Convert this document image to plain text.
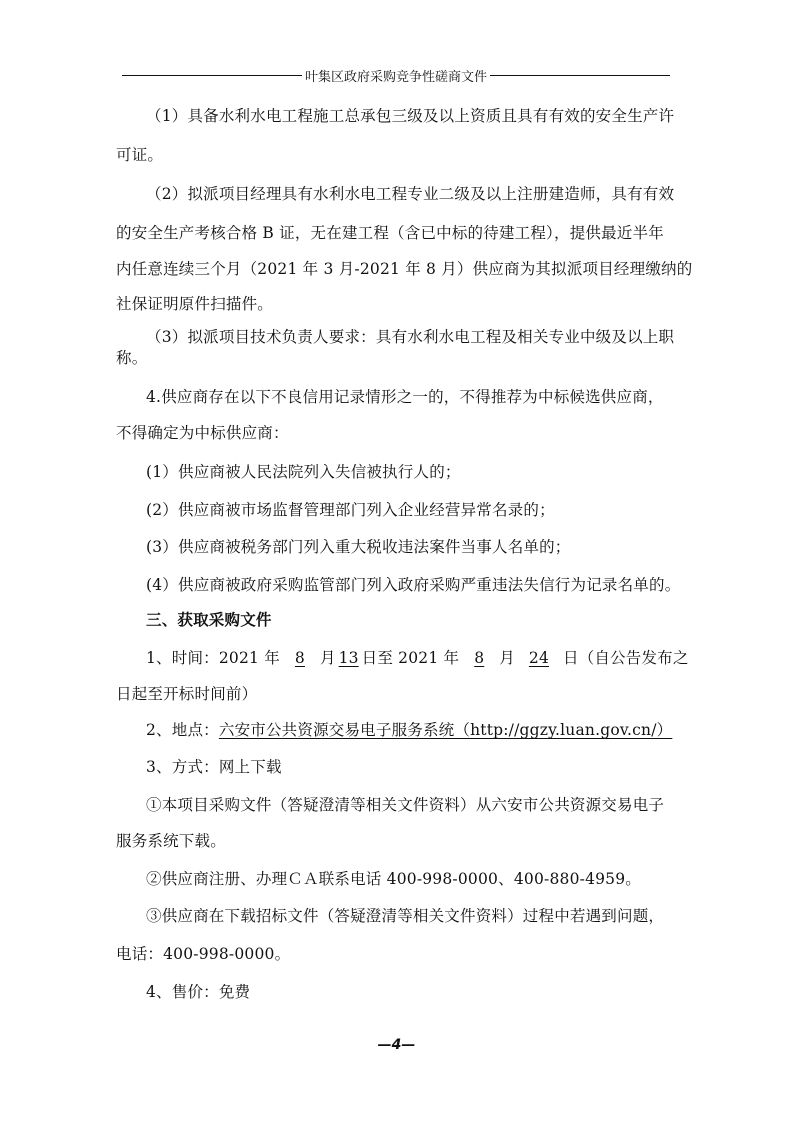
叶集区政府采购竞争性磋商文件
（1）具备水利水电工程施工总承包三级及以上资质且具有有效的安全生产许
可证。
（2）拟派项目经理具有水利水电工程专业二级及以上注册建造师，具有有效
的安全生产考核合格 B 证，无在建工程（含已中标的待建工程），提供最近半年
内任意连续三个月（2021 年 3 月-2021 年 8 月）供应商为其拟派项目经理缴纳的
社保证明原件扫描件。
（3）拟派项目技术负责人要求：具有水利水电工程及相关专业中级及以上职
称。
4.供应商存在以下不良信用记录情形之一的，不得推荐为中标候选供应商，
不得确定为中标供应商：
(1）供应商被人民法院列入失信被执行人的；
(2）供应商被市场监督管理部门列入企业经营异常名录的；
(3）供应商被税务部门列入重大税收违法案件当事人名单的；
(4）供应商被政府采购监管部门列入政府采购严重违法失信行为记录名单的。
三、获取采购文件
1、时间：2021 年 8 月 13 日至 2021 年 8 月 24 日（自公告发布之
日起至开标时间前）
2、地点：六安市公共资源交易电子服务系统（http://ggzy.luan.gov.cn/）
3、方式：网上下载
①本项目采购文件（答疑澄清等相关文件资料）从六安市公共资源交易电子
服务系统下载。
②供应商注册、办理ＣＡ联系电话 400-998-0000、400-880-4959。
③供应商在下载招标文件（答疑澄清等相关文件资料）过程中若遇到问题，
电话：400-998-0000。
4、售价：免费
—4—
